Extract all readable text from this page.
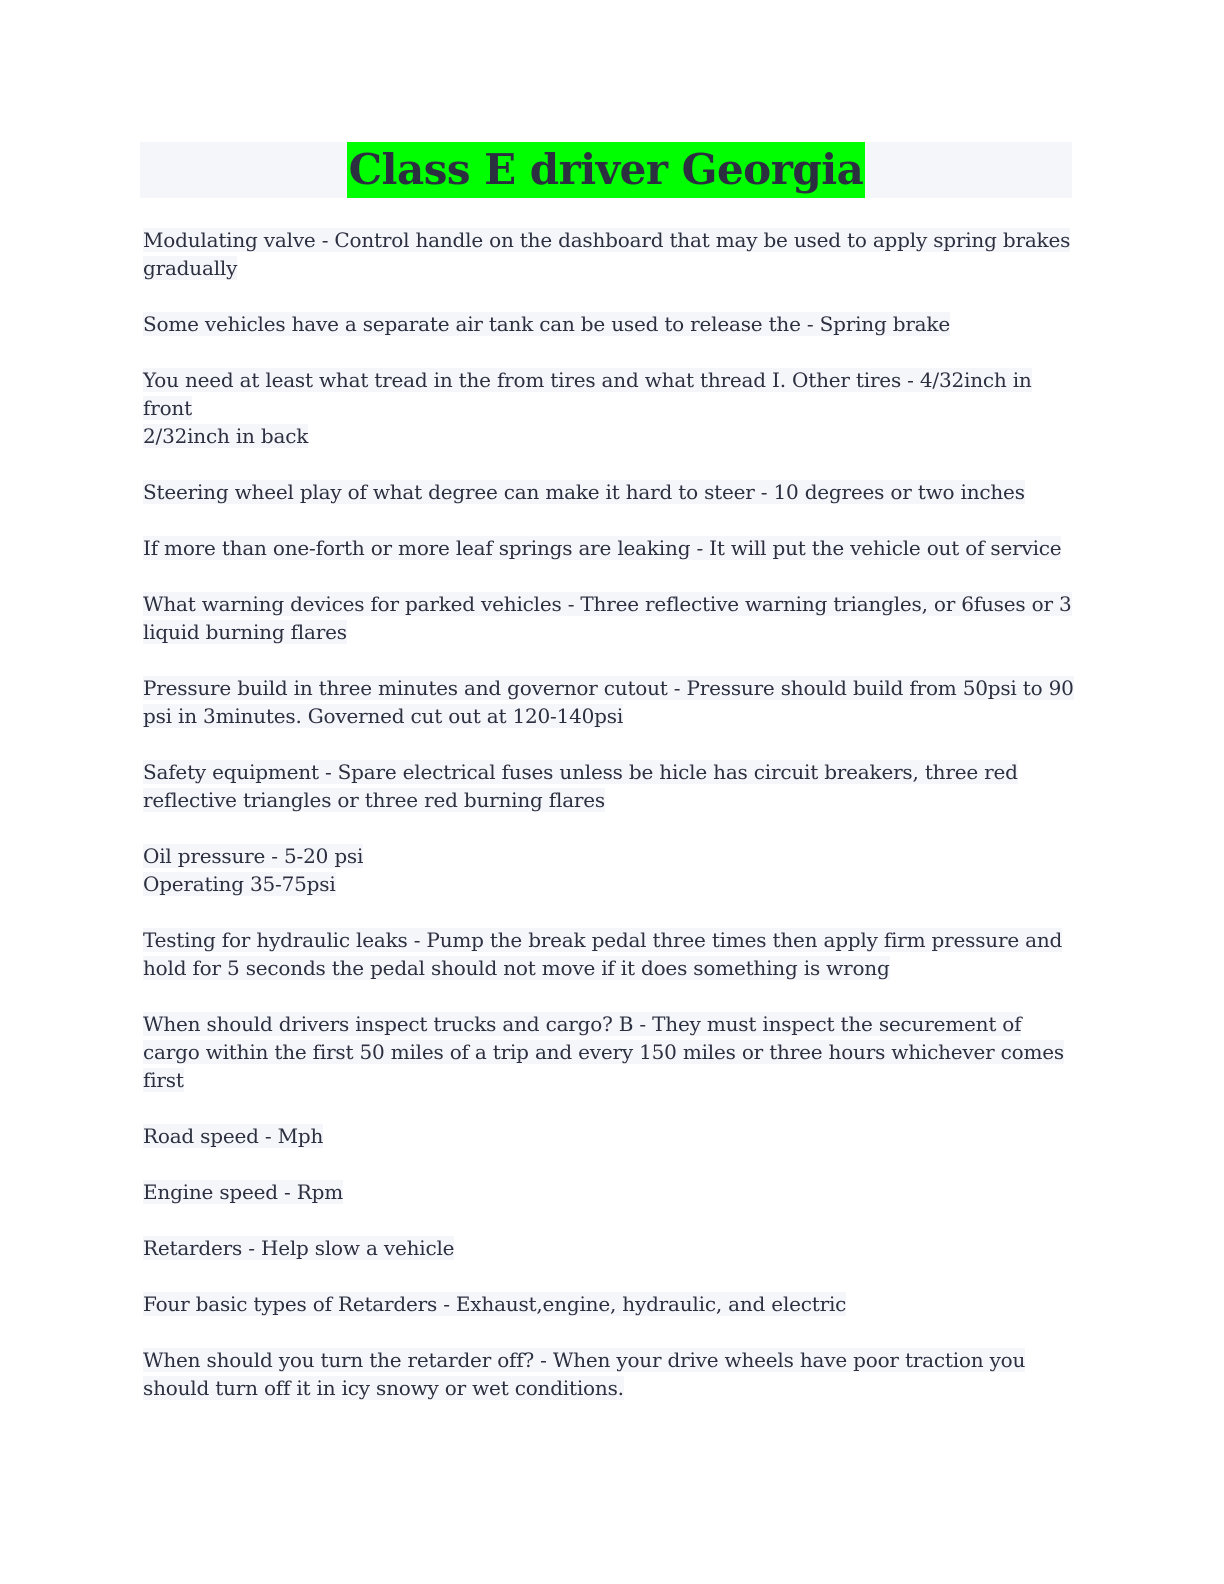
Class E driver Georgia

Modulating valve - Control handle on the dashboard that may be used to apply spring brakes gradually

Some vehicles have a separate air tank can be used to release the - Spring brake

You need at least what tread in the from tires and what thread I. Other tires - 4/32inch in front
2/32inch in back

Steering wheel play of what degree can make it hard to steer - 10 degrees or two inches

If more than one-forth or more leaf springs are leaking - It will put the vehicle out of service

What warning devices for parked vehicles - Three reflective warning triangles, or 6fuses or 3 liquid burning flares

Pressure build in three minutes and governor cutout - Pressure should build from 50psi to 90 psi in 3minutes. Governed cut out at 120-140psi

Safety equipment - Spare electrical fuses unless be hicle has circuit breakers, three red reflective triangles or three red burning flares

Oil pressure - 5-20 psi
Operating 35-75psi

Testing for hydraulic leaks - Pump the break pedal three times then apply firm pressure and hold for 5 seconds the pedal should not move if it does something is wrong

When should drivers inspect trucks and cargo? B - They must inspect the securement of cargo within the first 50 miles of a trip and every 150 miles or three hours whichever comes first

Road speed - Mph

Engine speed - Rpm

Retarders - Help slow a vehicle

Four basic types of Retarders - Exhaust,engine, hydraulic, and electric

When should you turn the retarder off? - When your drive wheels have poor traction you should turn off it in icy snowy or wet conditions.
